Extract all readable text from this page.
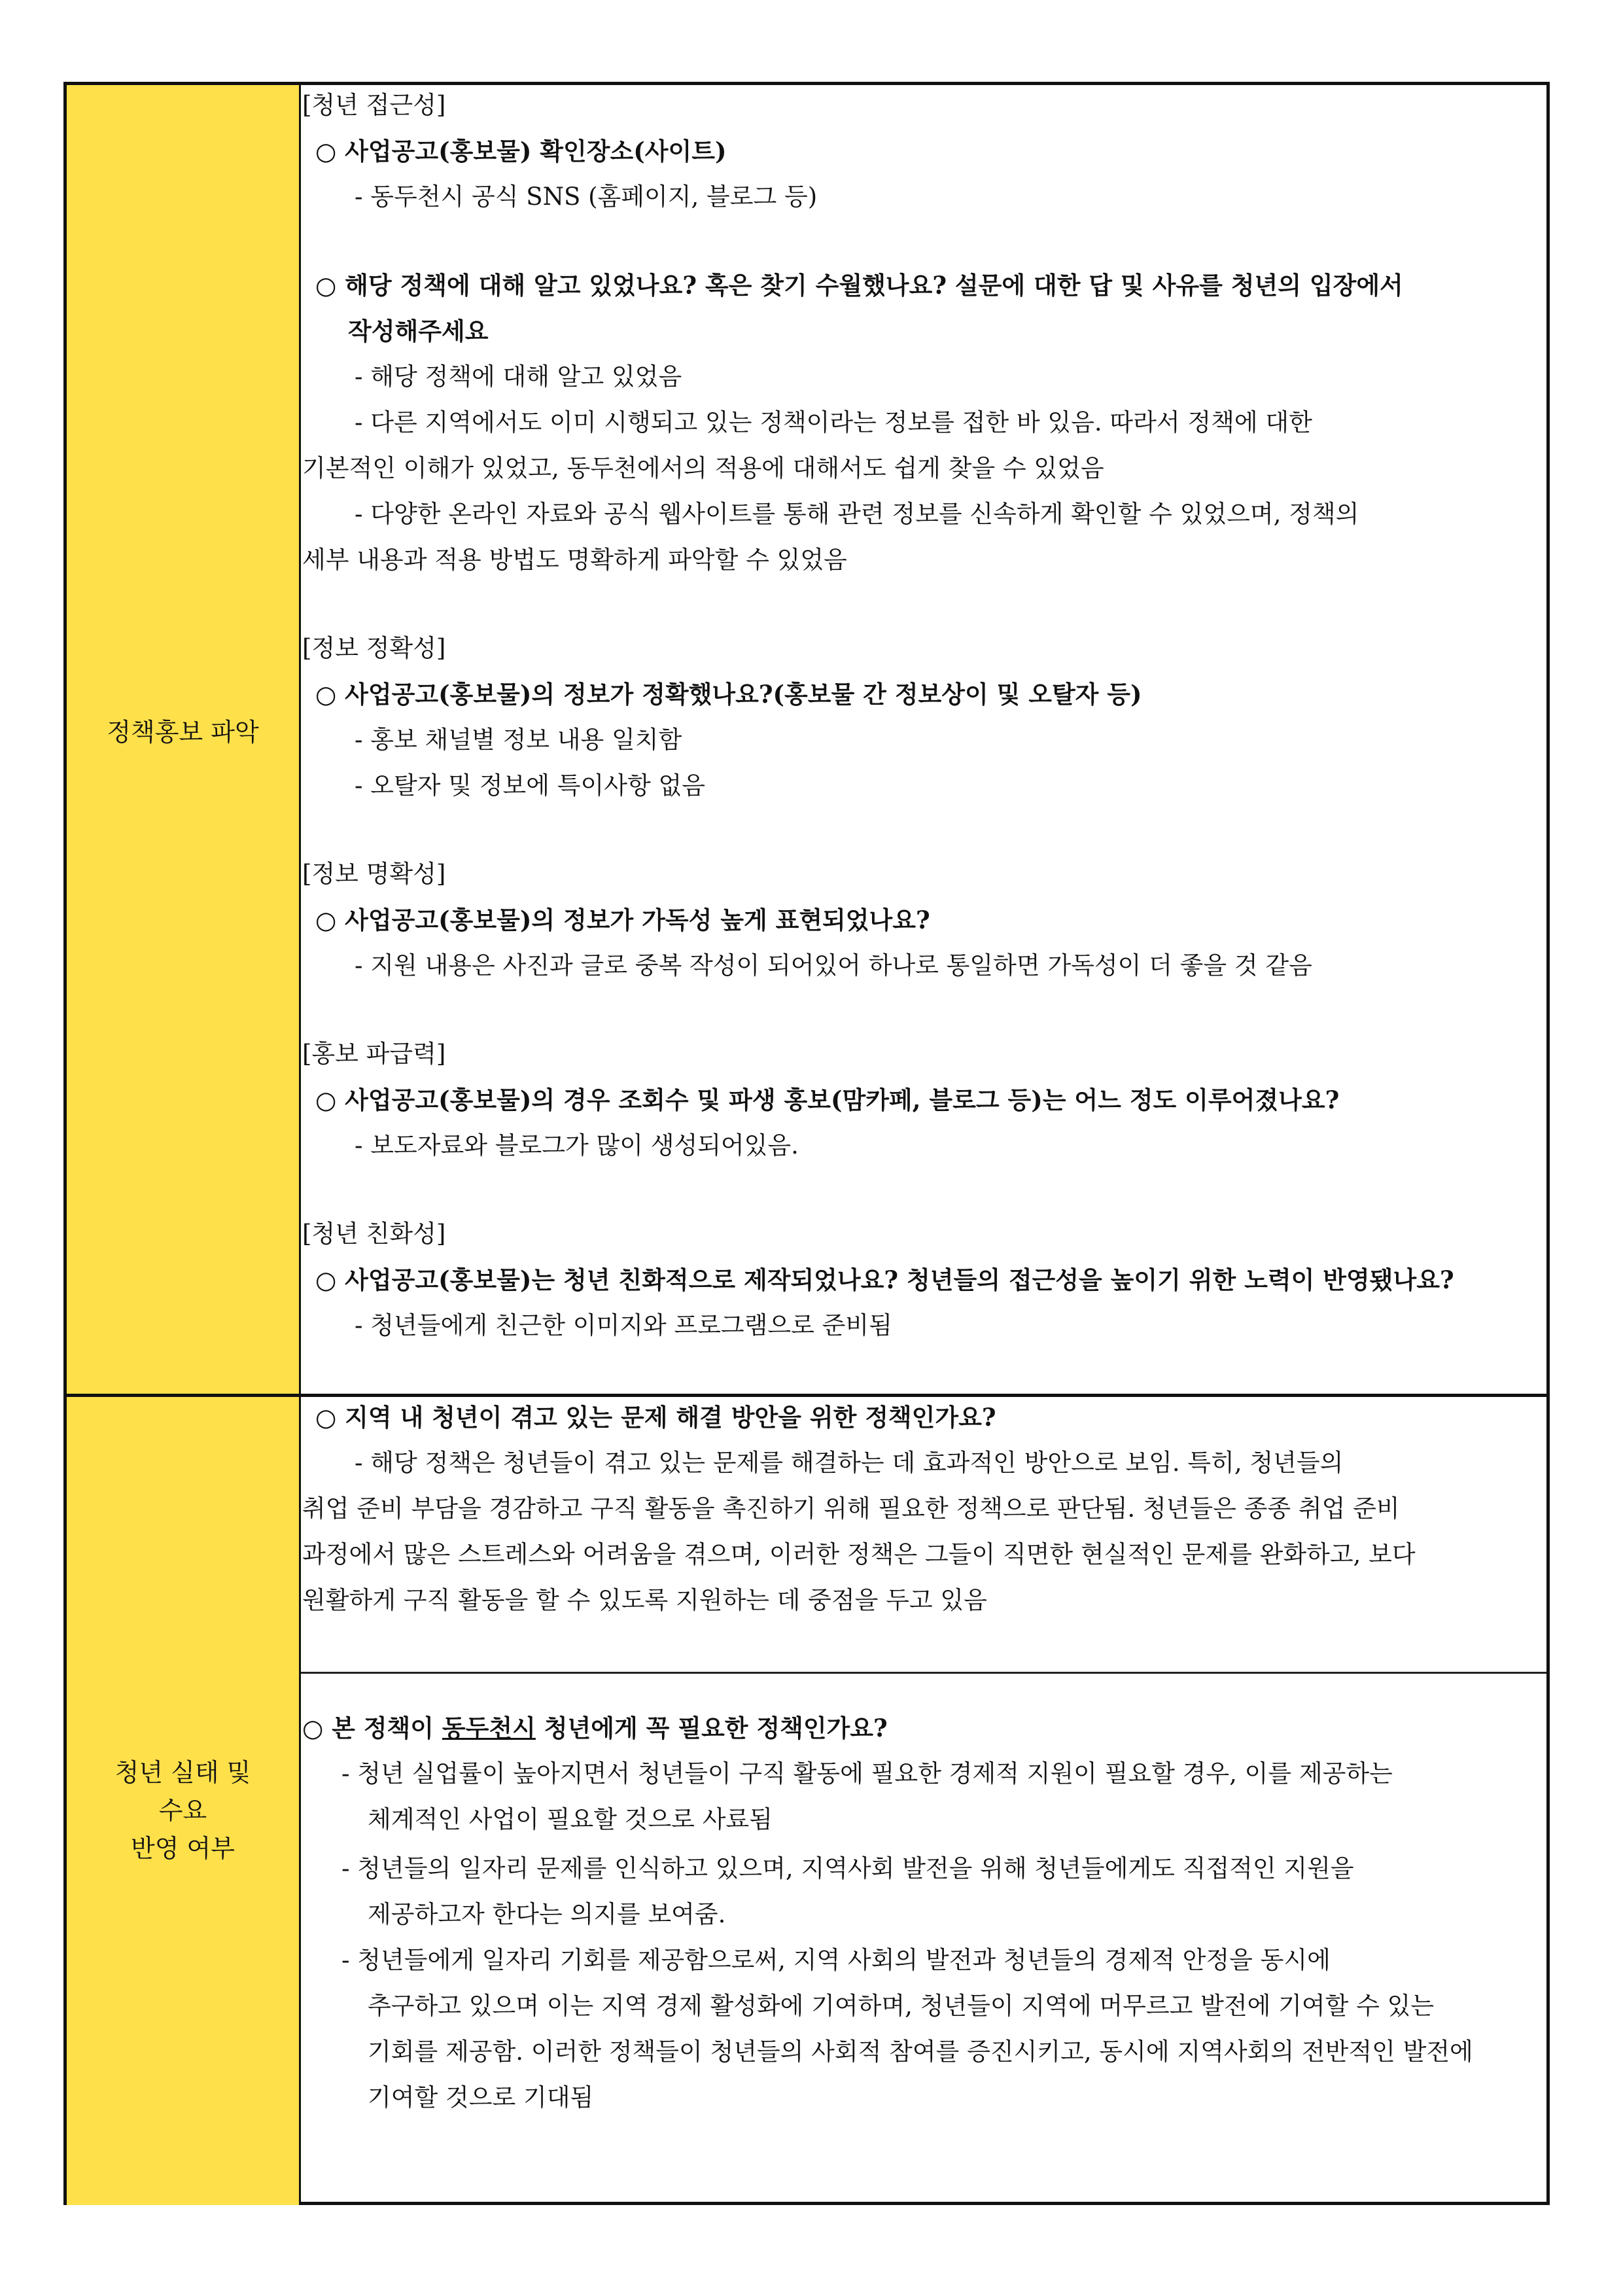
정책홍보 파악
청년 실태 및
수요
반영 여부
[청년 접근성]
○ 사업공고(홍보물) 확인장소(사이트)
- 동두천시 공식 SNS (홈페이지, 블로그 등)
○ 해당 정책에 대해 알고 있었나요? 혹은 찾기 수월했나요? 설문에 대한 답 및 사유를 청년의 입장에서
작성해주세요
- 해당 정책에 대해 알고 있었음
- 다른 지역에서도 이미 시행되고 있는 정책이라는 정보를 접한 바 있음. 따라서 정책에 대한
기본적인 이해가 있었고, 동두천에서의 적용에 대해서도 쉽게 찾을 수 있었음
- 다양한 온라인 자료와 공식 웹사이트를 통해 관련 정보를 신속하게 확인할 수 있었으며, 정책의
세부 내용과 적용 방법도 명확하게 파악할 수 있었음
[정보 정확성]
○ 사업공고(홍보물)의 정보가 정확했나요?(홍보물 간 정보상이 및 오탈자 등)
- 홍보 채널별 정보 내용 일치함
- 오탈자 및 정보에 특이사항 없음
[정보 명확성]
○ 사업공고(홍보물)의 정보가 가독성 높게 표현되었나요?
- 지원 내용은 사진과 글로 중복 작성이 되어있어 하나로 통일하면 가독성이 더 좋을 것 같음
[홍보 파급력]
○ 사업공고(홍보물)의 경우 조회수 및 파생 홍보(맘카페, 블로그 등)는 어느 정도 이루어졌나요?
- 보도자료와 블로그가 많이 생성되어있음.
[청년 친화성]
○ 사업공고(홍보물)는 청년 친화적으로 제작되었나요? 청년들의 접근성을 높이기 위한 노력이 반영됐나요?
- 청년들에게 친근한 이미지와 프로그램으로 준비됨
○ 지역 내 청년이 겪고 있는 문제 해결 방안을 위한 정책인가요?
- 해당 정책은 청년들이 겪고 있는 문제를 해결하는 데 효과적인 방안으로 보임. 특히, 청년들의
취업 준비 부담을 경감하고 구직 활동을 촉진하기 위해 필요한 정책으로 판단됨. 청년들은 종종 취업 준비
과정에서 많은 스트레스와 어려움을 겪으며, 이러한 정책은 그들이 직면한 현실적인 문제를 완화하고, 보다
원활하게 구직 활동을 할 수 있도록 지원하는 데 중점을 두고 있음
○ 본 정책이 동두천시 청년에게 꼭 필요한 정책인가요?
- 청년 실업률이 높아지면서 청년들이 구직 활동에 필요한 경제적 지원이 필요할 경우, 이를 제공하는
체계적인 사업이 필요할 것으로 사료됨
- 청년들의 일자리 문제를 인식하고 있으며, 지역사회 발전을 위해 청년들에게도 직접적인 지원을
제공하고자 한다는 의지를 보여줌.
- 청년들에게 일자리 기회를 제공함으로써, 지역 사회의 발전과 청년들의 경제적 안정을 동시에
추구하고 있으며 이는 지역 경제 활성화에 기여하며, 청년들이 지역에 머무르고 발전에 기여할 수 있는
기회를 제공함. 이러한 정책들이 청년들의 사회적 참여를 증진시키고, 동시에 지역사회의 전반적인 발전에
기여할 것으로 기대됨
